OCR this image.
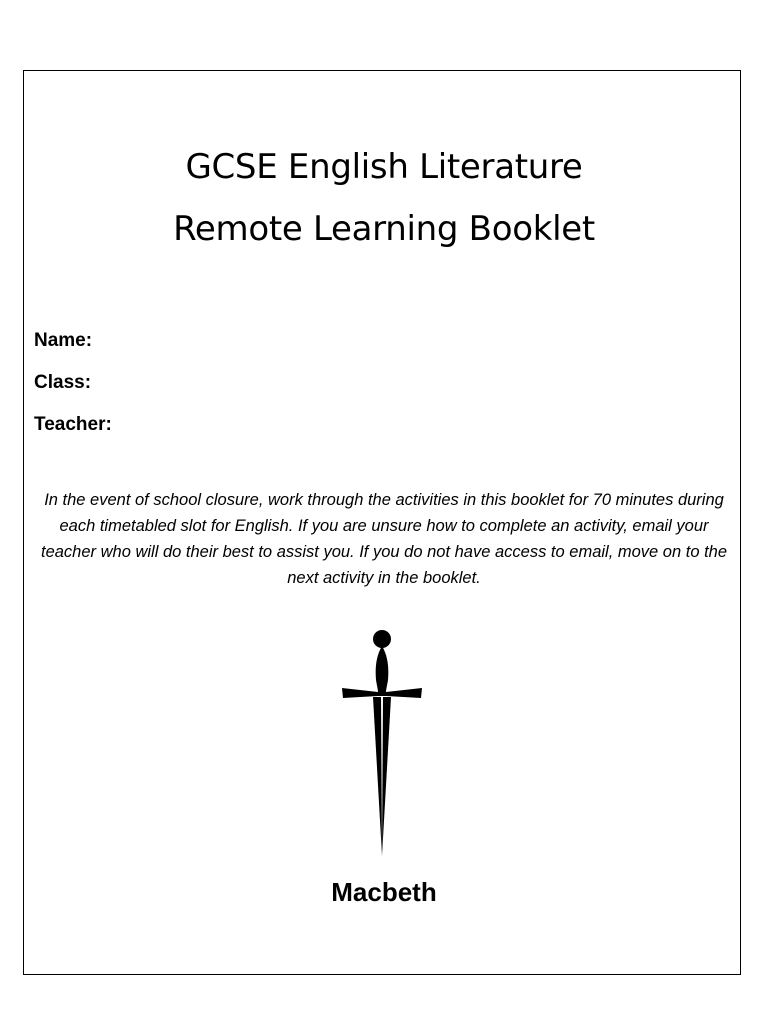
GCSE English Literature
Remote Learning Booklet
Name:
Class:
Teacher:
In the event of school closure, work through the activities in this booklet for 70 minutes during each timetabled slot for English. If you are unsure how to complete an activity, email your teacher who will do their best to assist you. If you do not have access to email, move on to the next activity in the booklet.
Macbeth
